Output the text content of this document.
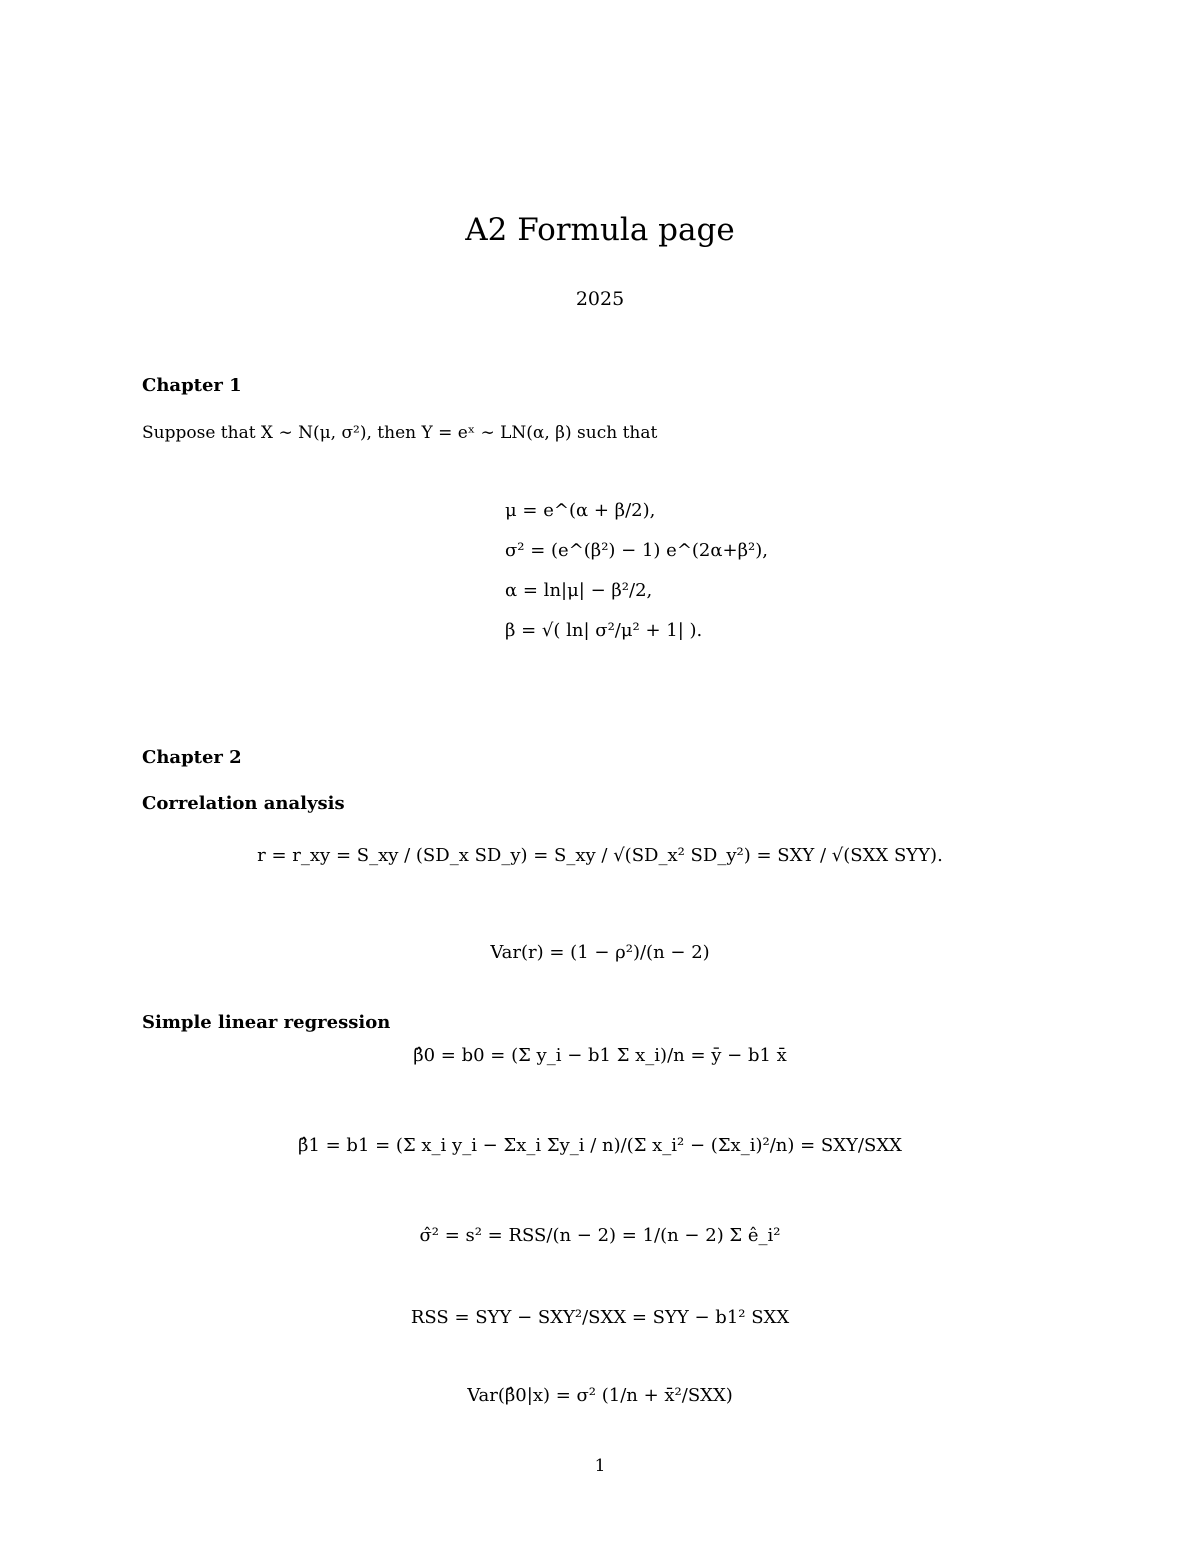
A2 Formula page
2025
Chapter 1
Suppose that X ∼ N(μ, σ²), then Y = eˣ ∼ LN(α, β) such that
μ = e^(α + β/2),
σ² = (e^(β²) − 1) e^(2α+β²),
α = ln|μ| − β²/2,
β = √( ln| σ²/μ² + 1| ).
Chapter 2
Correlation analysis
r = r_xy = S_xy / (SD_x SD_y) = S_xy / √(SD_x² SD_y²) = SXY / √(SXX SYY).
Var(r) = (1 − ρ²)/(n − 2)
Simple linear regression
β̂0 = b0 = (Σ y_i − b1 Σ x_i)/n = ȳ − b1 x̄
β̂1 = b1 = (Σ x_i y_i − Σx_i Σy_i / n)/(Σ x_i² − (Σx_i)²/n) = SXY/SXX
σ̂² = s² = RSS/(n − 2) = 1/(n − 2) Σ ê_i²
RSS = SYY − SXY²/SXX = SYY − b1² SXX
Var(β̂0|x) = σ² (1/n + x̄²/SXX)
1
